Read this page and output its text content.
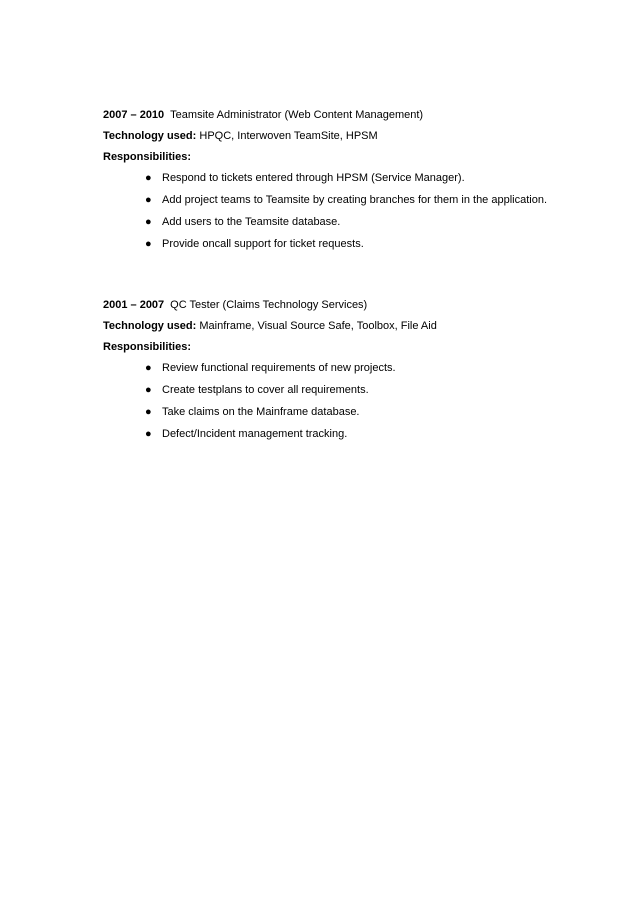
2007 – 2010 Teamsite Administrator (Web Content Management)
Technology used: HPQC, Interwoven TeamSite, HPSM
Responsibilities:
● Respond to tickets entered through HPSM (Service Manager).
● Add project teams to Teamsite by creating branches for them in the application.
● Add users to the Teamsite database.
● Provide oncall support for ticket requests.
2001 – 2007 QC Tester (Claims Technology Services)
Technology used: Mainframe, Visual Source Safe, Toolbox, File Aid
Responsibilities:
● Review functional requirements of new projects.
● Create testplans to cover all requirements.
● Take claims on the Mainframe database.
● Defect/Incident management tracking.
